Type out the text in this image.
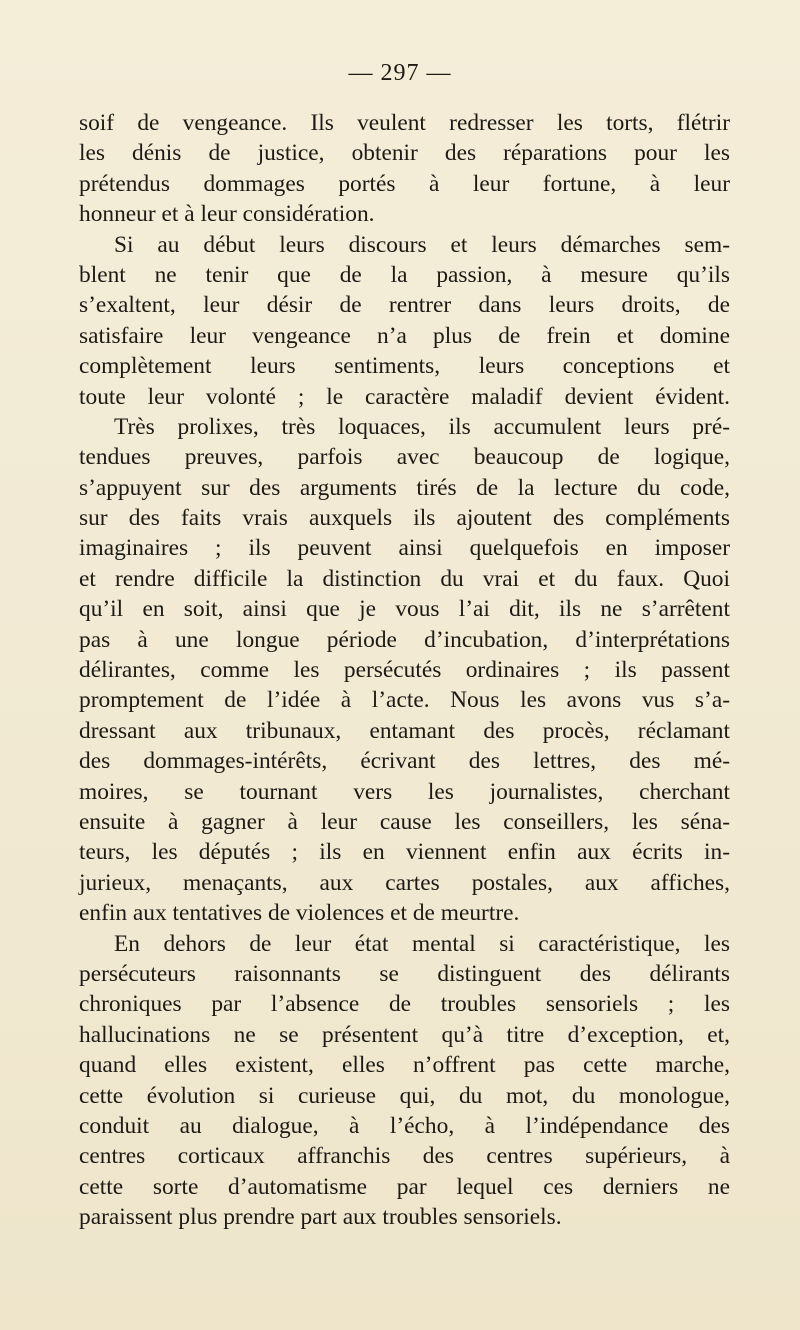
— 297 —
soif de vengeance. Ils veulent redresser les torts, flétrir
les dénis de justice, obtenir des réparations pour les
prétendus dommages portés à leur fortune, à leur
honneur et à leur considération.
Si au début leurs discours et leurs démarches sem-
blent ne tenir que de la passion, à mesure qu’ils
s’exaltent, leur désir de rentrer dans leurs droits, de
satisfaire leur vengeance n’a plus de frein et domine
complètement leurs sentiments, leurs conceptions et
toute leur volonté ; le caractère maladif devient évident.
Très prolixes, très loquaces, ils accumulent leurs pré-
tendues preuves, parfois avec beaucoup de logique,
s’appuyent sur des arguments tirés de la lecture du code,
sur des faits vrais auxquels ils ajoutent des compléments
imaginaires ; ils peuvent ainsi quelquefois en imposer
et rendre difficile la distinction du vrai et du faux. Quoi
qu’il en soit, ainsi que je vous l’ai dit, ils ne s’arrêtent
pas à une longue période d’incubation, d’interprétations
délirantes, comme les persécutés ordinaires ; ils passent
promptement de l’idée à l’acte. Nous les avons vus s’a-
dressant aux tribunaux, entamant des procès, réclamant
des dommages-intérêts, écrivant des lettres, des mé-
moires, se tournant vers les journalistes, cherchant
ensuite à gagner à leur cause les conseillers, les séna-
teurs, les députés ; ils en viennent enfin aux écrits in-
jurieux, menaçants, aux cartes postales, aux affiches,
enfin aux tentatives de violences et de meurtre.
En dehors de leur état mental si caractéristique, les
persécuteurs raisonnants se distinguent des délirants
chroniques par l’absence de troubles sensoriels ; les
hallucinations ne se présentent qu’à titre d’exception, et,
quand elles existent, elles n’offrent pas cette marche,
cette évolution si curieuse qui, du mot, du monologue,
conduit au dialogue, à l’écho, à l’indépendance des
centres corticaux affranchis des centres supérieurs, à
cette sorte d’automatisme par lequel ces derniers ne
paraissent plus prendre part aux troubles sensoriels.
